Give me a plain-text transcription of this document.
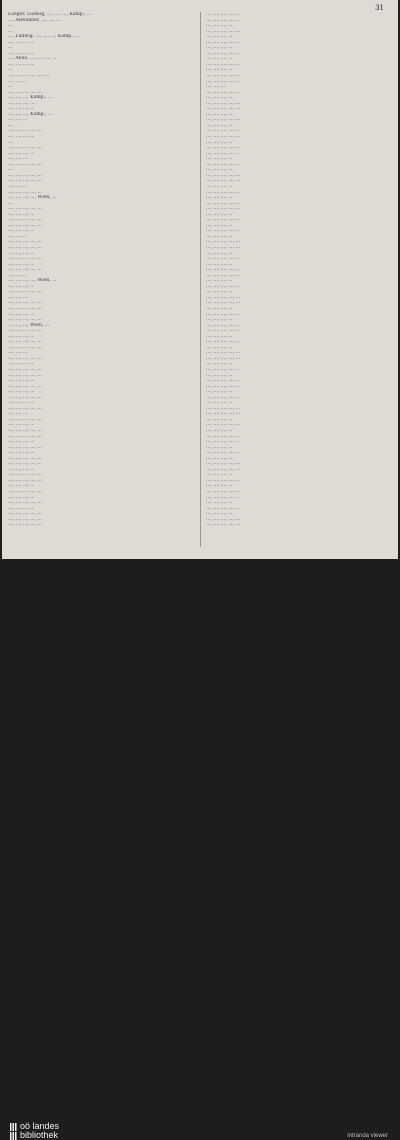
31
Lueger, Ludwig, ..., ..., ..., Kamp., ...
..., Alexander, ..., ..., ...
...
...
..., Ludwig, ..., ..., ..., Kamp., ...
..., ..., ..., ...
...
..., ..., ..., ...
..., Alois, ..., ..., ..., ...
..., ..., ..., ...
...
..., ..., ..., ..., ..., ...
..., ..., ...
...
..., ..., ..., ..., ...
..., ..., ..., Kamp., ...
..., ..., ..., ...
..., ..., ..., ...
..., ..., ..., Kamp., ...
..., ..., ...
...
..., ..., ..., ..., ...
..., ..., ..., ...
...
..., ..., ..., ..., ...
..., ..., ..., ...
..., ..., ...
..., ..., ..., ..., ...
...
..., ..., ..., ..., ...
..., ..., ..., ..., ...
..., ..., ...
..., ..., ..., ..., ...
..., ..., ..., ..., Wien, ...
...
..., ..., ..., ..., ...
..., ..., ..., ...
..., ..., ..., ..., ...
..., ..., ..., ..., ...
..., ..., ..., ...
..., ..., ...
..., ..., ..., ..., ...
..., ..., ..., ..., ...
..., ..., ..., ...
..., ..., ..., ..., ...
..., ..., ..., ...
..., ..., ..., ..., ...
..., ..., ...
..., ..., ..., ..., Wien, ...
..., ..., ..., ...
..., ..., ..., ..., ...
..., ..., ...
..., ..., ..., ..., ...
..., ..., ..., ..., ...
..., ..., ..., ...
..., ..., ..., ..., ...
..., ..., ..., Wien, ...
..., ..., ..., ..., ...
..., ..., ..., ...
..., ..., ..., ..., ...
..., ..., ..., ..., ...
..., ..., ...
..., ..., ..., ..., ...
..., ..., ..., ...
..., ..., ..., ..., ...
..., ..., ..., ..., ...
..., ..., ..., ...
..., ..., ..., ..., ...
..., ..., ..., ...
..., ..., ..., ..., ...
..., ..., ..., ...
..., ..., ..., ..., ...
..., ..., ...
..., ..., ..., ..., ...
..., ..., ..., ...
..., ..., ..., ..., ...
..., ..., ..., ..., ...
..., ..., ..., ...
..., ..., ..., ..., ...
..., ..., ..., ...
..., ..., ..., ..., ...
..., ..., ..., ..., ...
..., ..., ..., ...
..., ..., ..., ..., ...
..., ..., ..., ..., ...
..., ..., ..., ...
..., ..., ..., ..., ...
..., ..., ..., ...
..., ..., ..., ..., ...
..., ..., ..., ...
..., ..., ..., ..., ...
..., ..., ..., ..., ...
..., ..., ..., ..., ...
..., ..., ..., ..., ...
..., ..., ..., ..., ...
..., ..., ..., ...
..., ..., ..., ..., ...
..., ..., ..., ...
..., ..., ..., ..., ...
..., ..., ..., ...
..., ..., ..., ..., ...
..., ..., ..., ...
..., ..., ..., ..., ...
..., ..., ..., ...
..., ..., ..., ..., ...
..., ..., ..., ..., ...
..., ..., ...
..., ..., ..., ..., ...
..., ..., ..., ...
..., ..., ..., ..., ...
..., ..., ..., ..., ...
..., ..., ..., ...
..., ..., ..., ..., ...
..., ..., ..., ...
..., ..., ..., ..., ...
..., ..., ..., ..., ...
..., ..., ..., ...
..., ..., ..., ..., ...
..., ..., ..., ..., ...
..., ..., ..., ...
..., ..., ..., ..., ...
..., ..., ..., ...
..., ..., ..., ..., ...
..., ..., ..., ..., ...
..., ..., ..., ...
..., ..., ..., ..., ...
..., ..., ..., ...
..., ..., ..., ..., ...
..., ..., ..., ..., ...
..., ..., ..., ...
..., ..., ..., ..., ...
..., ..., ..., ...
..., ..., ..., ..., ...
..., ..., ..., ...
..., ..., ..., ..., ...
..., ..., ..., ..., ...
..., ..., ..., ...
..., ..., ..., ..., ...
..., ..., ..., ...
..., ..., ..., ..., ...
..., ..., ..., ..., ...
..., ..., ..., ...
..., ..., ..., ..., ...
..., ..., ..., ...
..., ..., ..., ..., ...
..., ..., ..., ..., ...
..., ..., ..., ...
..., ..., ..., ..., ...
..., ..., ..., ...
..., ..., ..., ..., ...
..., ..., ..., ..., ...
..., ..., ..., ...
..., ..., ..., ..., ...
..., ..., ..., ...
..., ..., ..., ..., ...
..., ..., ..., ..., ...
..., ..., ..., ...
..., ..., ..., ..., ...
..., ..., ..., ...
..., ..., ..., ..., ...
..., ..., ..., ..., ...
..., ..., ..., ...
..., ..., ..., ..., ...
..., ..., ..., ...
..., ..., ..., ..., ...
..., ..., ..., ..., ...
..., ..., ..., ...
..., ..., ..., ..., ...
..., ..., ..., ...
..., ..., ..., ..., ...
..., ..., ..., ..., ...
..., ..., ..., ...
..., ..., ..., ..., ...
..., ..., ..., ...
..., ..., ..., ..., ...
..., ..., ..., ..., ...
..., ..., ..., ...
..., ..., ..., ..., ...
..., ..., ..., ...
..., ..., ..., ..., ...
..., ..., ..., ..., ...
..., ..., ..., ...
..., ..., ..., ..., ...
..., ..., ..., ...
..., ..., ..., ..., ...
..., ..., ..., ..., ...
oö landes
bibliothek	intranda viewer
